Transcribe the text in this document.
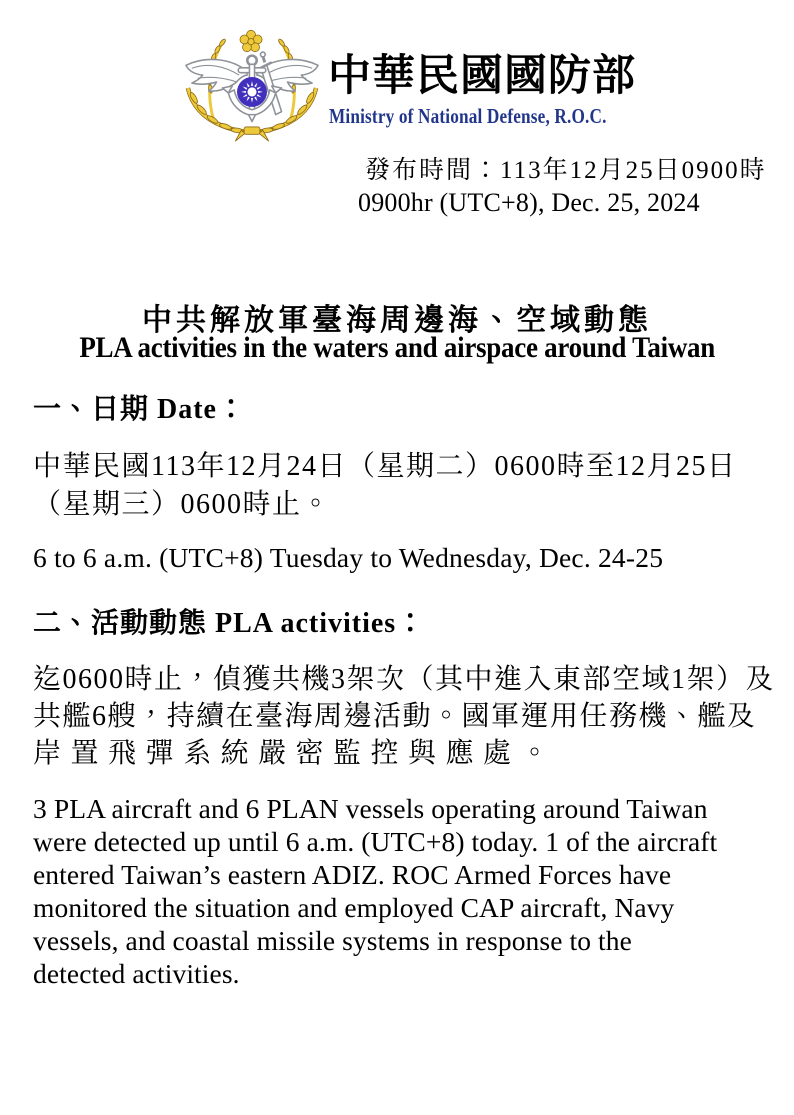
中華民國國防部
Ministry of National Defense, R.O.C.
發布時間：113年12月25日0900時
0900hr (UTC+8), Dec. 25, 2024
中共解放軍臺海周邊海、空域動態
PLA activities in the waters and airspace around Taiwan
一、日期 Date：
中華民國113年12月24日（星期二）0600時至12月25日
（星期三）0600時止。
6 to 6 a.m. (UTC+8) Tuesday to Wednesday, Dec. 24-25
二、活動動態 PLA activities：
迄0600時止，偵獲共機3架次（其中進入東部空域1架）及
共艦6艘，持續在臺海周邊活動。國軍運用任務機、艦及
岸置飛彈系統嚴密監控與應處。
3 PLA aircraft and 6 PLAN vessels operating around Taiwan
were detected up until 6 a.m. (UTC+8) today. 1 of the aircraft
entered Taiwan’s eastern ADIZ. ROC Armed Forces have
monitored the situation and employed CAP aircraft, Navy
vessels, and coastal missile systems in response to the
detected activities.
